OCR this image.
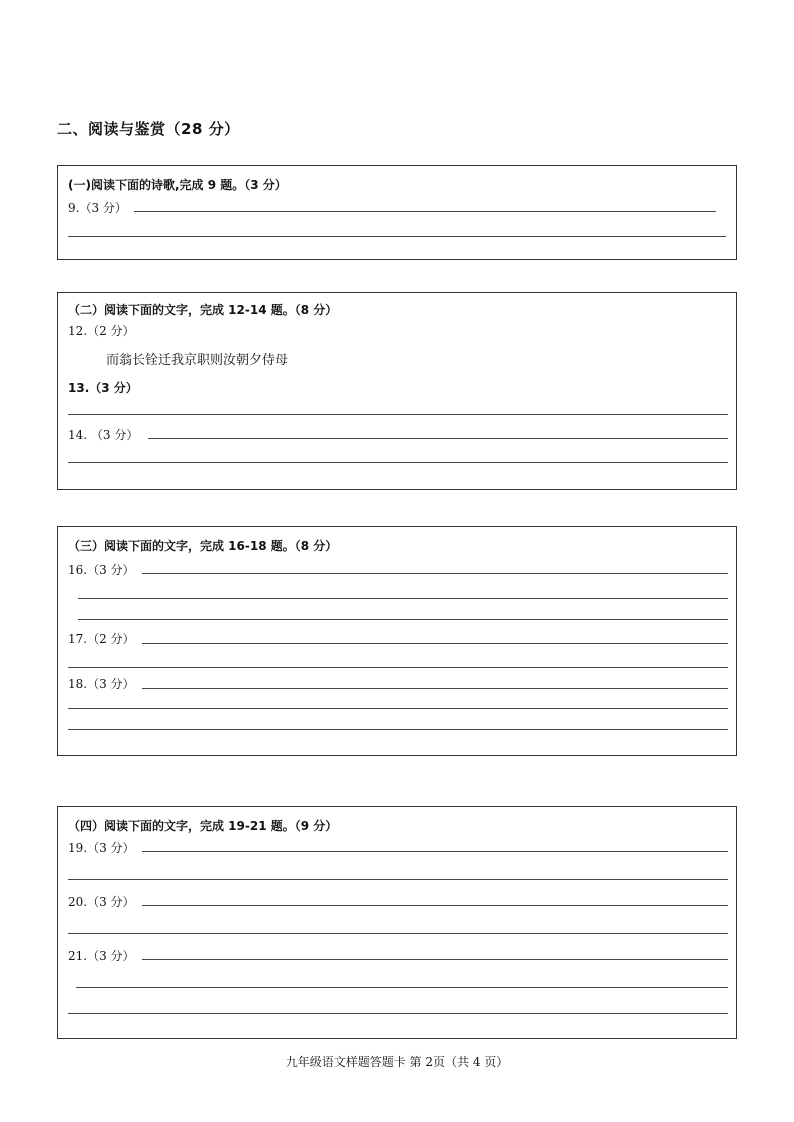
二、阅读与鉴赏（28 分）
(一)阅读下面的诗歌,完成 9 题。（3 分）
9.（3 分）
（二）阅读下面的文字，完成 12-14 题。（8 分）
12.（2 分）
而翁长铨迁我京职则汝朝夕侍母
13.（3 分）
14. （3 分）
（三）阅读下面的文字，完成 16-18 题。（8 分）
16.（3 分）
17.（2 分）
18.（3 分）
（四）阅读下面的文字，完成 19-21 题。（9 分）
19.（3 分）
20.（3 分）
21.（3 分）
九年级语文样题答题卡 第 2页（共 4 页）
